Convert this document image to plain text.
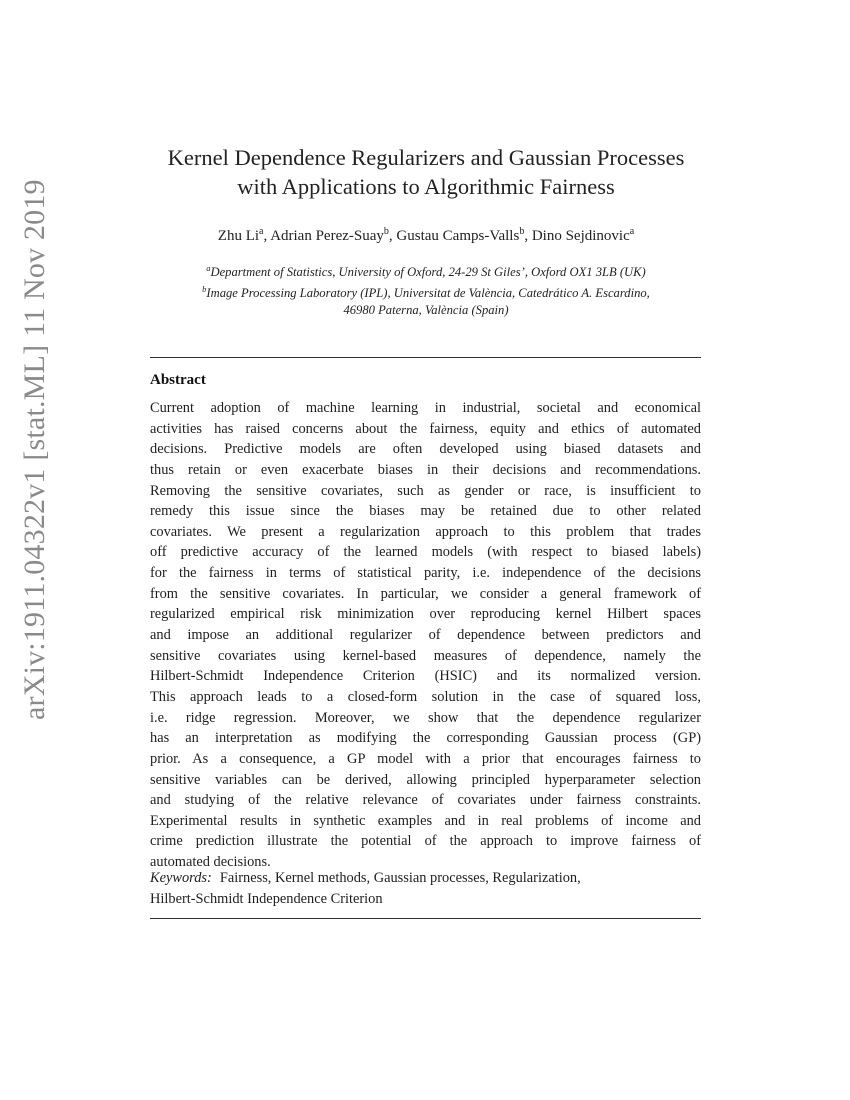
arXiv:1911.04322v1 [stat.ML] 11 Nov 2019
Kernel Dependence Regularizers and Gaussian Processes
with Applications to Algorithmic Fairness
Zhu Li$^a$, Adrian Perez-Suay$^b$, Gustau Camps-Valls$^b$, Dino Sejdinovic$^a$
$^a$Department of Statistics, University of Oxford, 24-29 St Giles’, Oxford OX1 3LB (UK)
$^b$Image Processing Laboratory (IPL), Universitat de València, Catedrático A. Escardino,
46980 Paterna, València (Spain)
Abstract
Current adoption of machine learning in industrial, societal and economical
activities has raised concerns about the fairness, equity and ethics of automated
decisions. Predictive models are often developed using biased datasets and
thus retain or even exacerbate biases in their decisions and recommendations.
Removing the sensitive covariates, such as gender or race, is insufficient to
remedy this issue since the biases may be retained due to other related
covariates. We present a regularization approach to this problem that trades
off predictive accuracy of the learned models (with respect to biased labels)
for the fairness in terms of statistical parity, i.e. independence of the decisions
from the sensitive covariates. In particular, we consider a general framework of
regularized empirical risk minimization over reproducing kernel Hilbert spaces
and impose an additional regularizer of dependence between predictors and
sensitive covariates using kernel-based measures of dependence, namely the
Hilbert-Schmidt Independence Criterion (HSIC) and its normalized version.
This approach leads to a closed-form solution in the case of squared loss,
i.e. ridge regression. Moreover, we show that the dependence regularizer
has an interpretation as modifying the corresponding Gaussian process (GP)
prior. As a consequence, a GP model with a prior that encourages fairness to
sensitive variables can be derived, allowing principled hyperparameter selection
and studying of the relative relevance of covariates under fairness constraints.
Experimental results in synthetic examples and in real problems of income and
crime prediction illustrate the potential of the approach to improve fairness of
automated decisions.
Keywords: Fairness, Kernel methods, Gaussian processes, Regularization,
Hilbert-Schmidt Independence Criterion
